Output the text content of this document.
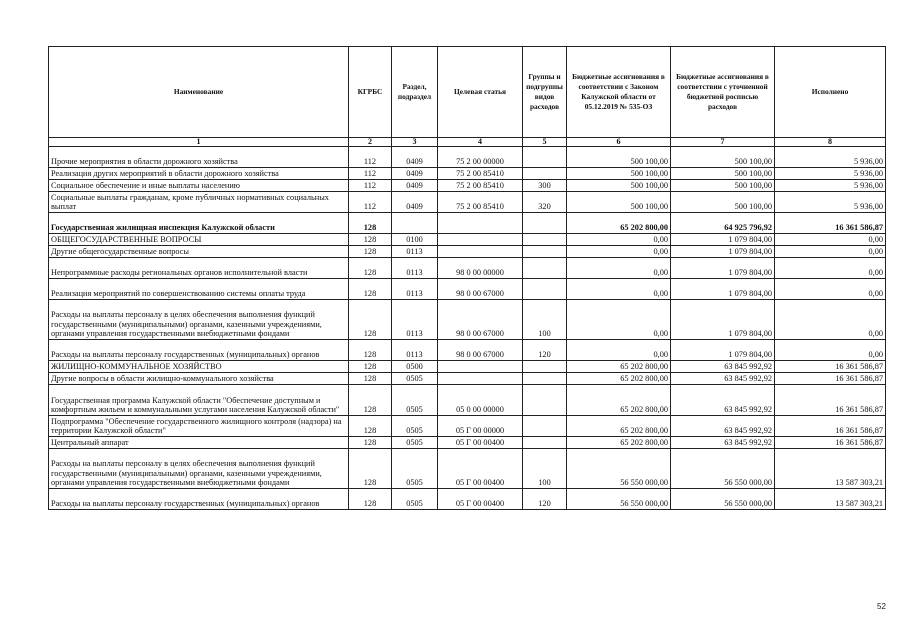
Наименование	КГРБС	Раздел, подраздел	Целевая статья	Группы и подгруппы видов расходов	Бюджетные ассигнования в соответствии с Законом Калужской области от 05.12.2019 № 535-ОЗ	Бюджетные ассигнования в соответствии с уточненной бюджетной росписью расходов	Исполнено
1	2	3	4	5	6	7	8
Прочие мероприятия в области дорожного хозяйства	112	0409	75 2 00 00000		500 100,00	500 100,00	5 936,00
Реализация других мероприятий в области дорожного хозяйства	112	0409	75 2 00 85410		500 100,00	500 100,00	5 936,00
Социальное обеспечение и иные выплаты населению	112	0409	75 2 00 85410	300	500 100,00	500 100,00	5 936,00
Социальные выплаты гражданам, кроме публичных нормативных социальных выплат	112	0409	75 2 00 85410	320	500 100,00	500 100,00	5 936,00
Государственная жилищная инспекция Калужской области	128				65 202 800,00	64 925 796,92	16 361 586,87
ОБЩЕГОСУДАРСТВЕННЫЕ ВОПРОСЫ	128	0100			0,00	1 079 804,00	0,00
Другие общегосударственные вопросы	128	0113			0,00	1 079 804,00	0,00
Непрограммные расходы региональных органов исполнительной власти	128	0113	98 0 00 00000		0,00	1 079 804,00	0,00
Реализация мероприятий по совершенствованию системы оплаты труда	128	0113	98 0 00 67000		0,00	1 079 804,00	0,00
Расходы на выплаты персоналу в целях обеспечения выполнения функций государственными (муниципальными) органами, казенными учреждениями, органами управления государственными внебюджетными фондами	128	0113	98 0 00 67000	100	0,00	1 079 804,00	0,00
Расходы на выплаты персоналу государственных (муниципальных) органов	128	0113	98 0 00 67000	120	0,00	1 079 804,00	0,00
ЖИЛИЩНО-КОММУНАЛЬНОЕ ХОЗЯЙСТВО	128	0500			65 202 800,00	63 845 992,92	16 361 586,87
Другие вопросы в области жилищно-коммунального хозяйства	128	0505			65 202 800,00	63 845 992,92	16 361 586,87
Государственная программа Калужской области "Обеспечение доступным и комфортным жильем и коммунальными услугами населения Калужской области"	128	0505	05 0 00 00000		65 202 800,00	63 845 992,92	16 361 586,87
Подпрограмма "Обеспечение государственного жилищного контроля (надзора) на территории Калужской области"	128	0505	05 Г 00 00000		65 202 800,00	63 845 992,92	16 361 586,87
Центральный аппарат	128	0505	05 Г 00 00400		65 202 800,00	63 845 992,92	16 361 586,87
Расходы на выплаты персоналу в целях обеспечения выполнения функций государственными (муниципальными) органами, казенными учреждениями, органами управления государственными внебюджетными фондами	128	0505	05 Г 00 00400	100	56 550 000,00	56 550 000,00	13 587 303,21
Расходы на выплаты персоналу государственных (муниципальных) органов	128	0505	05 Г 00 00400	120	56 550 000,00	56 550 000,00	13 587 303,21
52
